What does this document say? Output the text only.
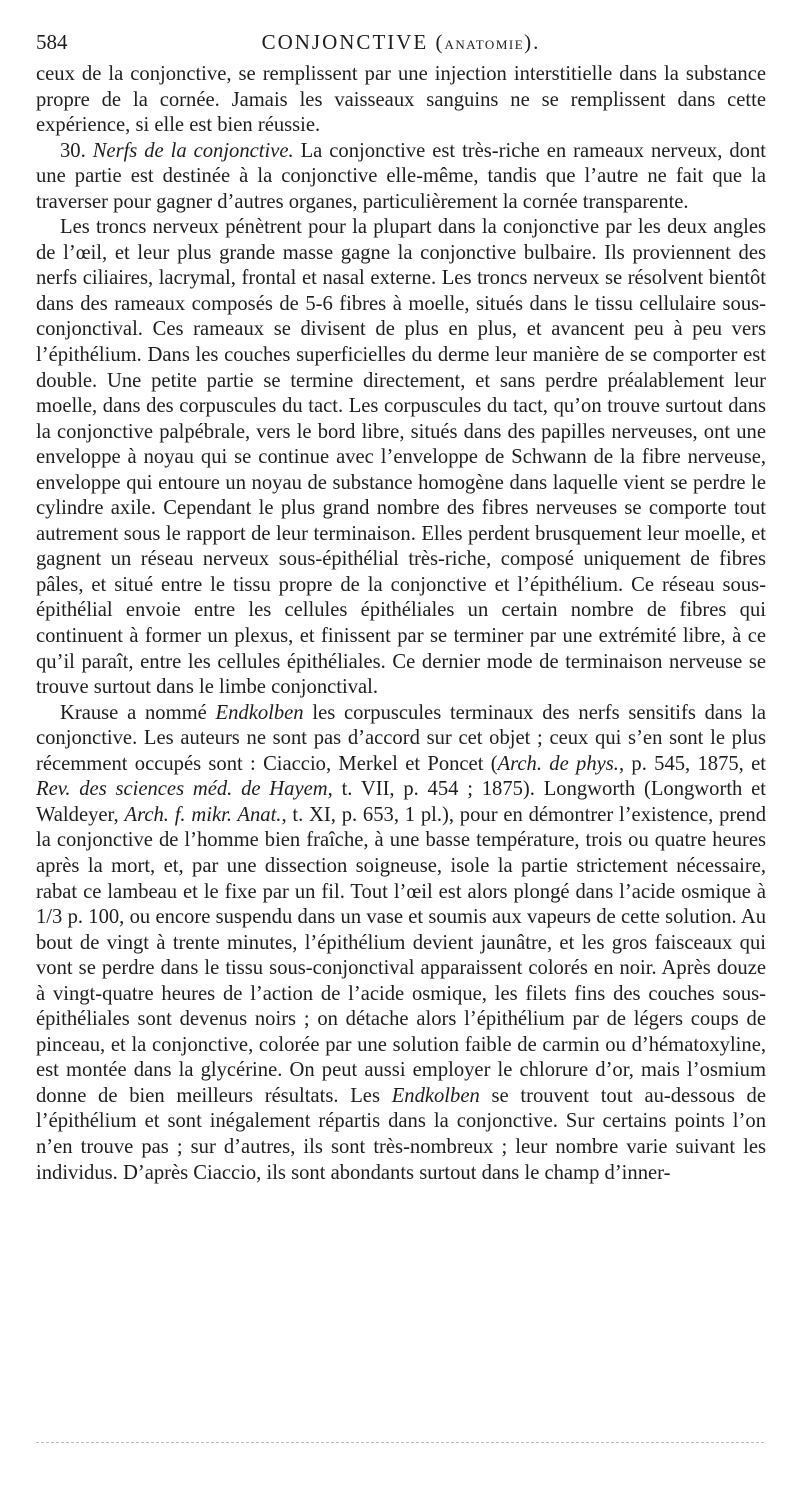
584	CONJONCTIVE (ANATOMIE).

ceux de la conjonctive, se remplissent par une injection interstitielle dans la substance propre de la cornée. Jamais les vaisseaux sanguins ne se remplissent dans cette expérience, si elle est bien réussie.

30. Nerfs de la conjonctive. La conjonctive est très-riche en rameaux nerveux, dont une partie est destinée à la conjonctive elle-même, tandis que l’autre ne fait que la traverser pour gagner d’autres organes, particulièrement la cornée transparente.

Les troncs nerveux pénètrent pour la plupart dans la conjonctive par les deux angles de l’œil, et leur plus grande masse gagne la conjonctive bulbaire. Ils proviennent des nerfs ciliaires, lacrymal, frontal et nasal externe. Les troncs nerveux se résolvent bientôt dans des rameaux composés de 5-6 fibres à moelle, situés dans le tissu cellulaire sous-conjonctival. Ces rameaux se divisent de plus en plus, et avancent peu à peu vers l’épithélium. Dans les couches superficielles du derme leur manière de se comporter est double. Une petite partie se termine directement, et sans perdre préalablement leur moelle, dans des corpuscules du tact. Les corpuscules du tact, qu’on trouve surtout dans la conjonctive palpébrale, vers le bord libre, situés dans des papilles nerveuses, ont une enveloppe à noyau qui se continue avec l’enveloppe de Schwann de la fibre nerveuse, enveloppe qui entoure un noyau de substance homogène dans laquelle vient se perdre le cylindre axile. Cependant le plus grand nombre des fibres nerveuses se comporte tout autrement sous le rapport de leur terminaison. Elles perdent brusquement leur moelle, et gagnent un réseau nerveux sous-épithélial très-riche, composé uniquement de fibres pâles, et situé entre le tissu propre de la conjonctive et l’épithélium. Ce réseau sous-épithélial envoie entre les cellules épithéliales un certain nombre de fibres qui continuent à former un plexus, et finissent par se terminer par une extrémité libre, à ce qu’il paraît, entre les cellules épithéliales. Ce dernier mode de terminaison nerveuse se trouve surtout dans le limbe conjonctival.

Krause a nommé Endkolben les corpuscules terminaux des nerfs sensitifs dans la conjonctive. Les auteurs ne sont pas d’accord sur cet objet ; ceux qui s’en sont le plus récemment occupés sont : Ciaccio, Merkel et Poncet (Arch. de phys., p. 545, 1875, et Rev. des sciences méd. de Hayem, t. VII, p. 454 ; 1875). Longworth (Longworth et Waldeyer, Arch. f. mikr. Anat., t. XI, p. 653, 1 pl.), pour en démontrer l’existence, prend la conjonctive de l’homme bien fraîche, à une basse température, trois ou quatre heures après la mort, et, par une dissection soigneuse, isole la partie strictement nécessaire, rabat ce lambeau et le fixe par un fil. Tout l’œil est alors plongé dans l’acide osmique à 1/3 p. 100, ou encore suspendu dans un vase et soumis aux vapeurs de cette solution. Au bout de vingt à trente minutes, l’épithélium devient jaunâtre, et les gros faisceaux qui vont se perdre dans le tissu sous-conjonctival apparaissent colorés en noir. Après douze à vingt-quatre heures de l’action de l’acide osmique, les filets fins des couches sous-épithéliales sont devenus noirs ; on détache alors l’épithélium par de légers coups de pinceau, et la conjonctive, colorée par une solution faible de carmin ou d’hématoxyline, est montée dans la glycérine. On peut aussi employer le chlorure d’or, mais l’osmium donne de bien meilleurs résultats. Les Endkolben se trouvent tout au-dessous de l’épithélium et sont inégalement répartis dans la conjonctive. Sur certains points l’on n’en trouve pas ; sur d’autres, ils sont très-nombreux ; leur nombre varie suivant les individus. D’après Ciaccio, ils sont abondants surtout dans le champ d’inner-
